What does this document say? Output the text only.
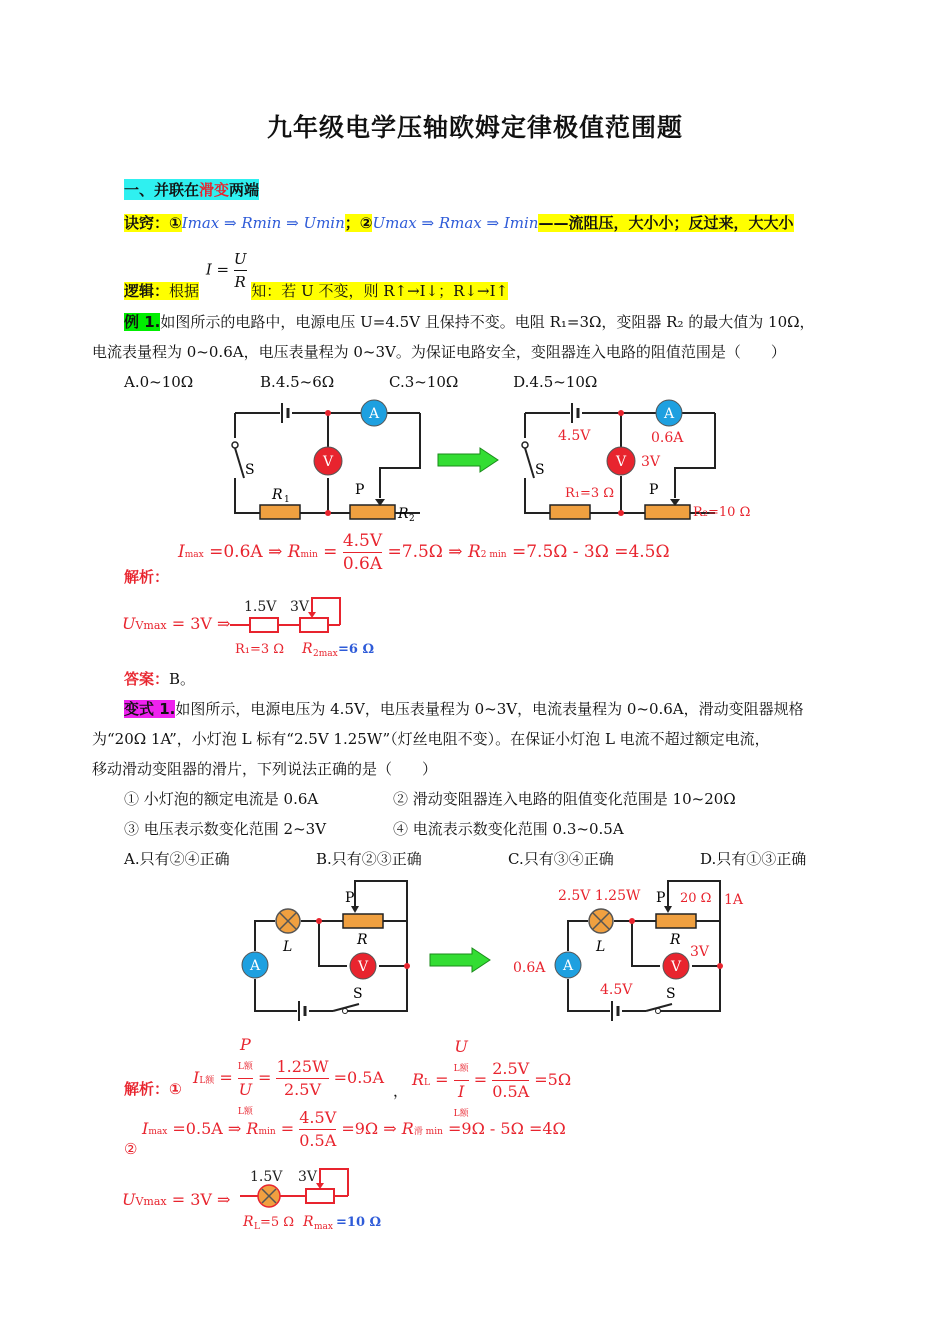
九年级电学压轴欧姆定律极值范围题
一、并联在滑变两端
诀窍：①Imax ⇒ Rmin ⇒ Umin；②Umax ⇒ Rmax ⇒ Imin——流阻压，大小小；反过来，大大小
逻辑：根据 $I = \frac{U}{R}$ 知：若 U 不变，则 R↑→I↓；R↓→I↑
例 1.如图所示的电路中，电源电压 U=4.5V 且保持不变。电阻 R₁=3Ω，变阻器 R₂ 的最大值为 10Ω，
电流表量程为 0~0.6A，电压表量程为 0~3V。为保证电路安全，变阻器连入电路的阻值范围是（　　）
A.0~10Ω	B.4.5~6Ω	C.3~10Ω	D.4.5~10Ω
A
V
S
R 1
P
R 2
A
V
4.5V	0.6A
3V
S
R₁=3 Ω P
R₂=10 Ω
解析：
Imax =0.6A ⇒ $Rmin = \frac{4.5V}{0.6A} =7.5\Omega$ ⇒ R2 min =7.5Ω - 3Ω =4.5Ω
UVmax = 3V ⇒
1.5V 3V
R₁=3 Ω R 2max =6 Ω
答案：B。
变式 1.如图所示，电源电压为 4.5V，电压表量程为 0~3V，电流表量程为 0~0.6A，滑动变阻器规格
为“20Ω 1A”，小灯泡 L 标有“2.5V 1.25W”（灯丝电阻不变）。在保证小灯泡 L 电流不超过额定电流，
移动滑动变阻器的滑片，下列说法正确的是（　　）
① 小灯泡的额定电流是 0.6A	② 滑动变阻器连入电路的阻值变化范围是 10~20Ω
③ 电压表示数变化范围 2~3V	④ 电流表示数变化范围 0.3~0.5A
A.只有②④正确	B.只有②③正确	C.只有③④正确	D.只有①③正确
A	V
P
L	R
S
A	V
2.5V 1.25W P 20 Ω 1A
L	R
3V
0.6A
4.5V S
解析：①
IL额 = P
L额
U
L额 = $\frac{1.25W}{2.5V} =0.5A$
，
RL = U
L额
I
L额 = $\frac{2.5V}{0.5A} =5\Omega$
②
Imax =0.5A ⇒ $Rmin = \frac{4.5V}{0.5A} =9\Omega$ ⇒ R滑 min =9Ω - 5Ω =4Ω
UVmax = 3V ⇒
1.5V 3V
R L =5 Ω R max =10 Ω
